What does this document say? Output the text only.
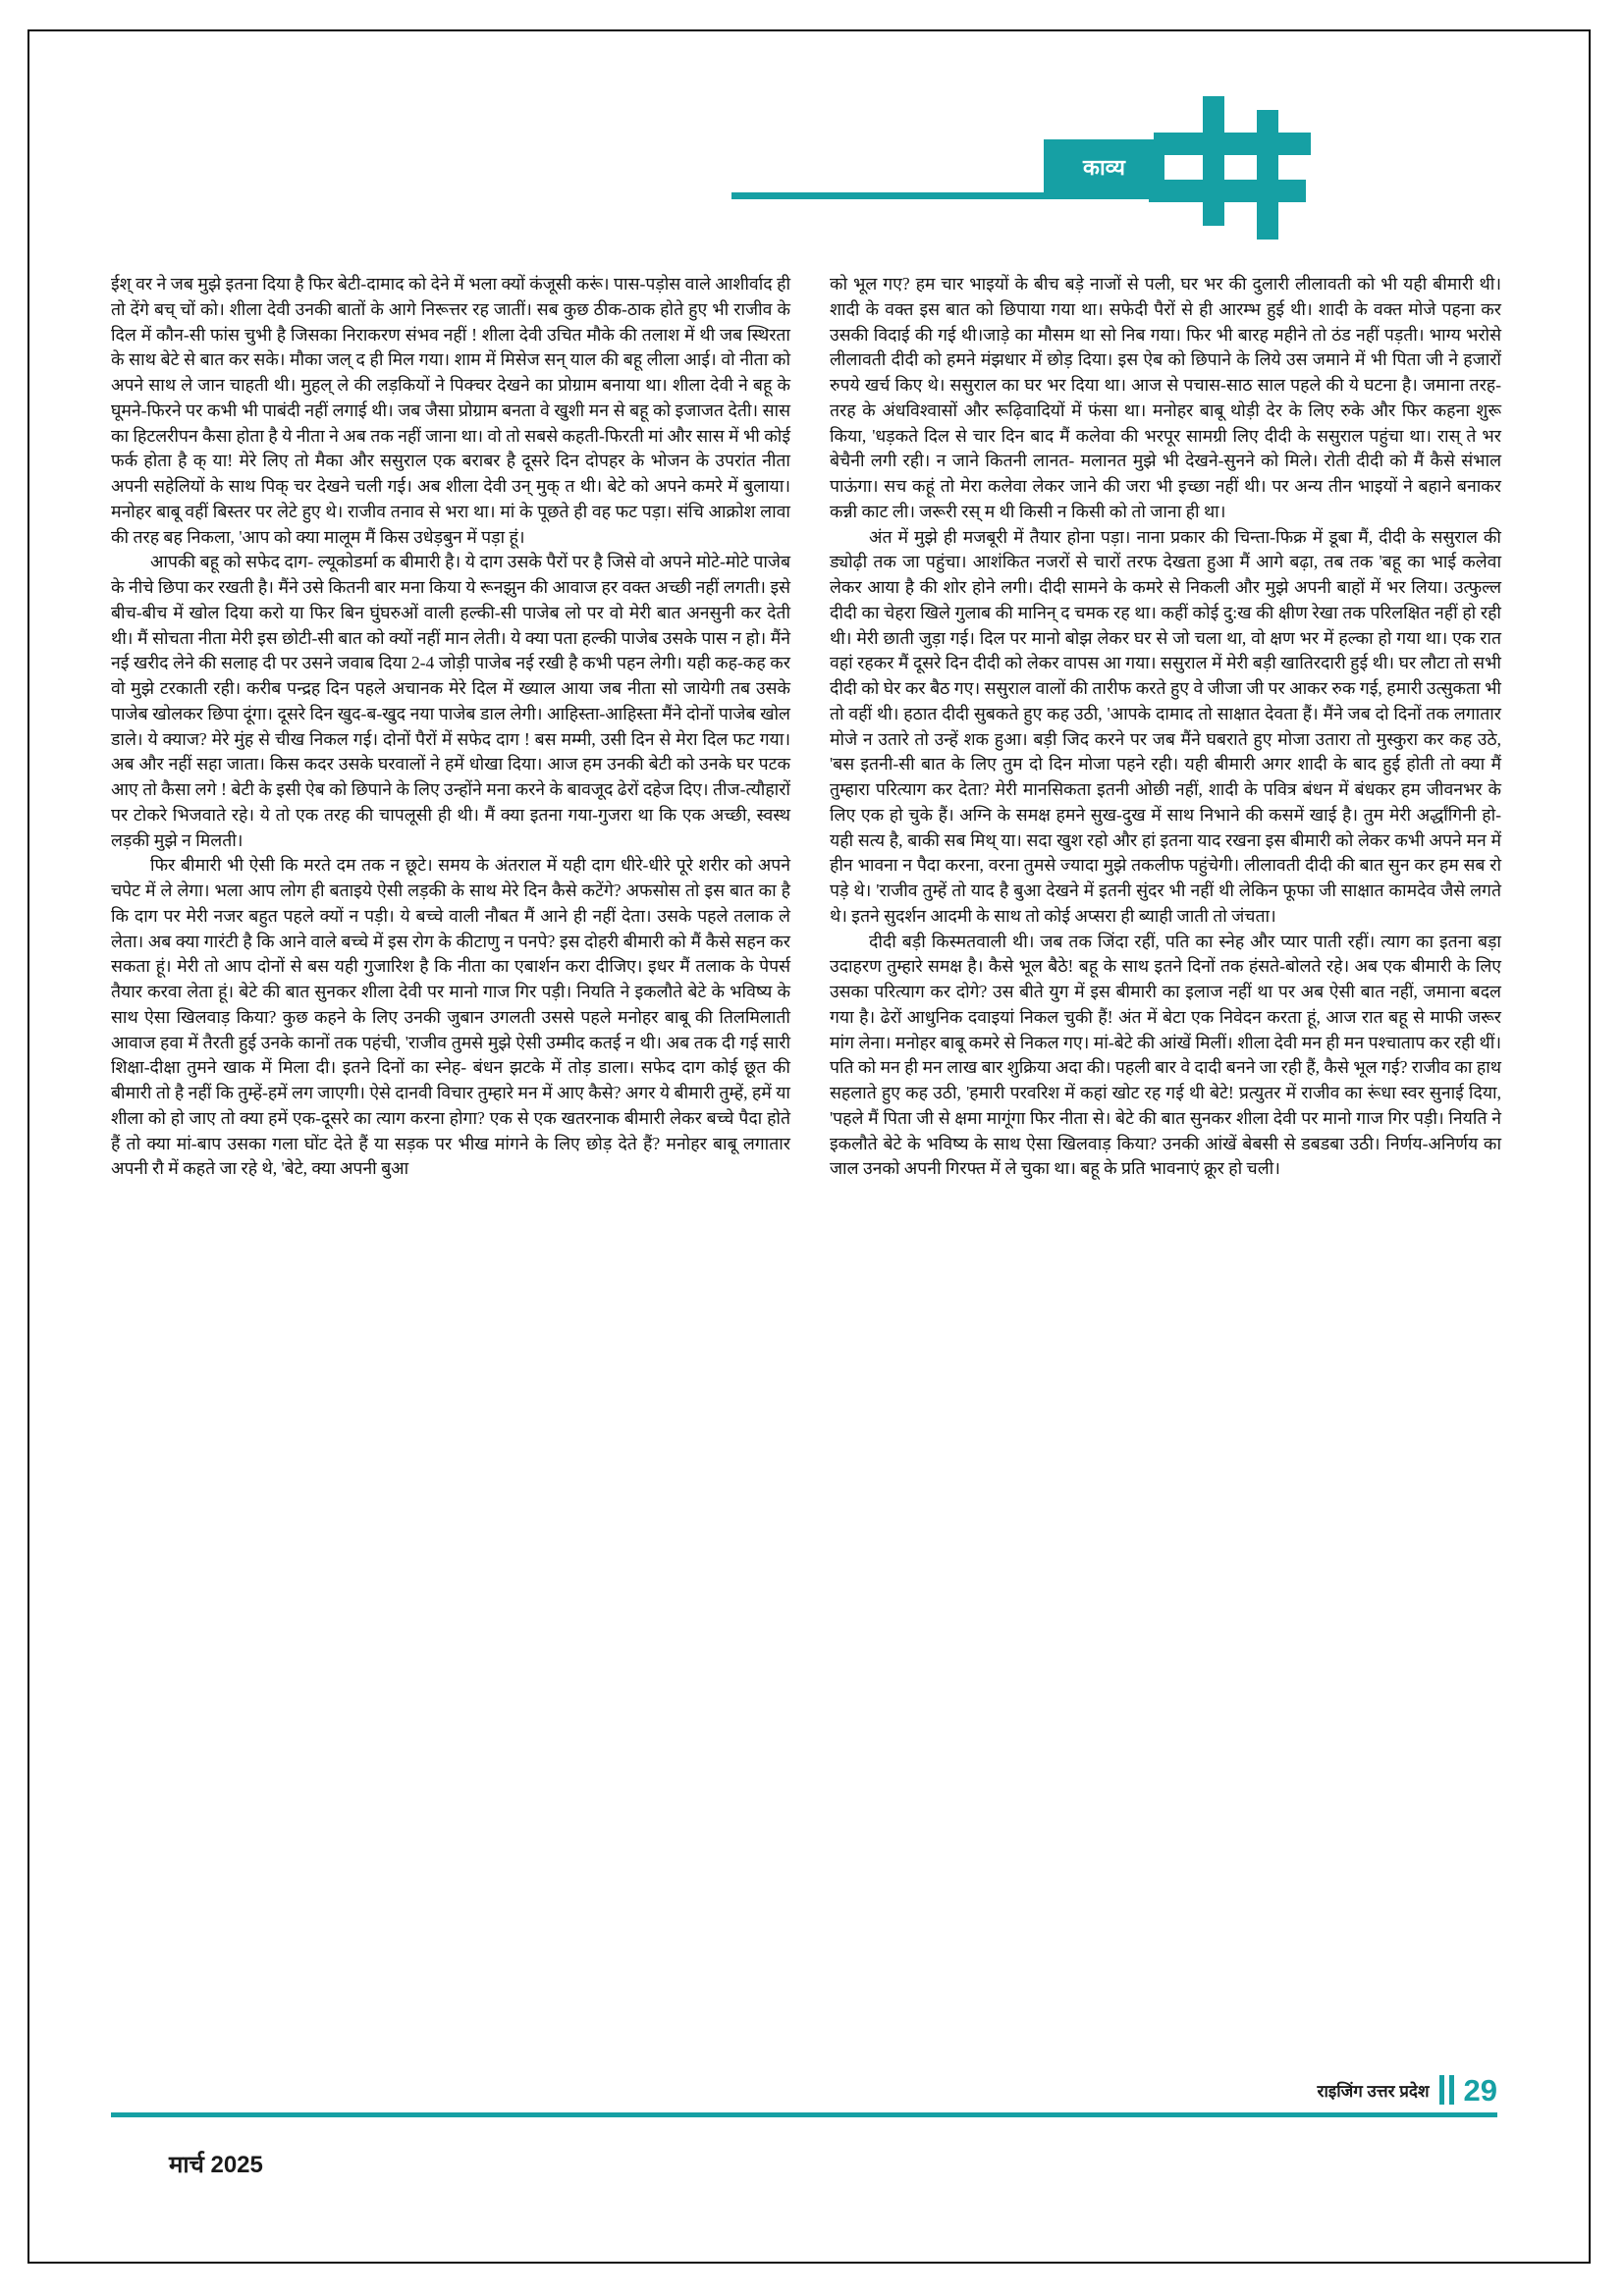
काव्य

ईश् वर ने जब मुझे इतना दिया है फिर बेटी-दामाद को देने में भला क्यों कंजूसी करूं। पास-पड़ोस वाले आशीर्वाद ही तो देंगे बच् चों को। शीला देवी उनकी बातों के आगे निरूत्तर रह जातीं। सब कुछ ठीक-ठाक होते हुए भी राजीव के दिल में कौन-सी फांस चुभी है जिसका निराकरण संभव नहीं ! शीला देवी उचित मौके की तलाश में थी जब स्थिरता के साथ बेटे से बात कर सके। मौका जल् द ही मिल गया। शाम में मिसेज सन् याल की बहू लीला आई। वो नीता को अपने साथ ले जान चाहती थी। मुहल् ले की लड़कियों ने पिक्चर देखने का प्रोग्राम बनाया था। शीला देवी ने बहू के घूमने-फिरने पर कभी भी पाबंदी नहीं लगाई थी। जब जैसा प्रोग्राम बनता वे खुशी मन से बहू को इजाजत देती। सास का हिटलरीपन कैसा होता है ये नीता ने अब तक नहीं जाना था। वो तो सबसे कहती-फिरती मां और सास में भी कोई फर्क होता है क् या! मेरे लिए तो मैका और ससुराल एक बराबर है दूसरे दिन दोपहर के भोजन के उपरांत नीता अपनी सहेलियों के साथ पिक् चर देखने चली गई। अब शीला देवी उन् मुक् त थी। बेटे को अपने कमरे में बुलाया। मनोहर बाबू वहीं बिस्तर पर लेटे हुए थे। राजीव तनाव से भरा था। मां के पूछते ही वह फट पड़ा। संचि आक्रोश लावा की तरह बह निकला, 'आप को क्या मालूम मैं किस उधेड़बुन में पड़ा हूं।

आपकी बहू को सफेद दाग- ल्यूकोडर्मा क बीमारी है। ये दाग उसके पैरों पर है जिसे वो अपने मोटे-मोटे पाजेब के नीचे छिपा कर रखती है। मैंने उसे कितनी बार मना किया ये रूनझुन की आवाज हर वक्त अच्छी नहीं लगती। इसे बीच-बीच में खोल दिया करो या फिर बिन घुंघरुओं वाली हल्की-सी पाजेब लो पर वो मेरी बात अनसुनी कर देती थी। मैं सोचता नीता मेरी इस छोटी-सी बात को क्यों नहीं मान लेती। ये क्या पता हल्की पाजेब उसके पास न हो। मैंने नई खरीद लेने की सलाह दी पर उसने जवाब दिया 2-4 जोड़ी पाजेब नई रखी है कभी पहन लेगी। यही कह-कह कर वो मुझे टरकाती रही। करीब पन्द्रह दिन पहले अचानक मेरे दिल में ख्याल आया जब नीता सो जायेगी तब उसके पाजेब खोलकर छिपा दूंगा। दूसरे दिन खुद-ब-खुद नया पाजेब डाल लेगी। आहिस्ता-आहिस्ता मैंने दोनों पाजेब खोल डाले। ये क्याज? मेरे मुंह से चीख निकल गई। दोनों पैरों में सफेद दाग ! बस मम्मी, उसी दिन से मेरा दिल फट गया। अब और नहीं सहा जाता। किस कदर उसके घरवालों ने हमें धोखा दिया। आज हम उनकी बेटी को उनके घर पटक आए तो कैसा लगे ! बेटी के इसी ऐब को छिपाने के लिए उन्होंने मना करने के बावजूद ढेरों दहेज दिए। तीज-त्यौहारों पर टोकरे भिजवाते रहे। ये तो एक तरह की चापलूसी ही थी। मैं क्या इतना गया-गुजरा था कि एक अच्छी, स्वस्थ लड़की मुझे न मिलती।

फिर बीमारी भी ऐसी कि मरते दम तक न छूटे। समय के अंतराल में यही दाग धीरे-धीरे पूरे शरीर को अपने चपेट में ले लेगा। भला आप लोग ही बताइये ऐसी लड़की के साथ मेरे दिन कैसे कटेंगे? अफसोस तो इस बात का है कि दाग पर मेरी नजर बहुत पहले क्यों न पड़ी। ये बच्चे वाली नौबत मैं आने ही नहीं देता। उसके पहले तलाक ले लेता। अब क्या गारंटी है कि आने वाले बच्चे में इस रोग के कीटाणु न पनपे? इस दोहरी बीमारी को मैं कैसे सहन कर सकता हूं। मेरी तो आप दोनों से बस यही गुजारिश है कि नीता का एबार्शन करा दीजिए। इधर मैं तलाक के पेपर्स तैयार करवा लेता हूं। बेटे की बात सुनकर शीला देवी पर मानो गाज गिर पड़ी। नियति ने इकलौते बेटे के भविष्य के साथ ऐसा खिलवाड़ किया? कुछ कहने के लिए उनकी जुबान उगलती उससे पहले मनोहर बाबू की तिलमिलाती आवाज हवा में तैरती हुई उनके कानों तक पहंची, 'राजीव तुमसे मुझे ऐसी उम्मीद कतई न थी। अब तक दी गई सारी शिक्षा-दीक्षा तुमने खाक में मिला दी। इतने दिनों का स्नेह- बंधन झटके में तोड़ डाला। सफेद दाग कोई छूत की बीमारी तो है नहीं कि तुम्हें-हमें लग जाएगी। ऐसे दानवी विचार तुम्हारे मन में आए कैसे? अगर ये बीमारी तुम्हें, हमें या शीला को हो जाए तो क्या हमें एक-दूसरे का त्याग करना होगा? एक से एक खतरनाक बीमारी लेकर बच्चे पैदा होते हैं तो क्या मां-बाप उसका गला घोंट देते हैं या सड़क पर भीख मांगने के लिए छोड़ देते हैं? मनोहर बाबू लगातार अपनी रौ में कहते जा रहे थे, 'बेटे, क्या अपनी बुआ

को भूल गए? हम चार भाइयों के बीच बड़े नाजों से पली, घर भर की दुलारी लीलावती को भी यही बीमारी थी। शादी के वक्त इस बात को छिपाया गया था। सफेदी पैरों से ही आरम्भ हुई थी। शादी के वक्त मोजे पहना कर उसकी विदाई की गई थी।जाड़े का मौसम था सो निब गया। फिर भी बारह महीने तो ठंड नहीं पड़ती। भाग्य भरोसे लीलावती दीदी को हमने मंझधार में छोड़ दिया। इस ऐब को छिपाने के लिये उस जमाने में भी पिता जी ने हजारों रुपये खर्च किए थे। ससुराल का घर भर दिया था। आज से पचास-साठ साल पहले की ये घटना है। जमाना तरह-तरह के अंधविश्वासों और रूढ़िवादियों में फंसा था। मनोहर बाबू थोड़ी देर के लिए रुके और फिर कहना शुरू किया, 'धड़कते दिल से चार दिन बाद मैं कलेवा की भरपूर सामग्री लिए दीदी के ससुराल पहुंचा था। रास् ते भर बेचैनी लगी रही। न जाने कितनी लानत- मलानत मुझे भी देखने-सुनने को मिले। रोती दीदी को मैं कैसे संभाल पाऊंगा। सच कहूं तो मेरा कलेवा लेकर जाने की जरा भी इच्छा नहीं थी। पर अन्य तीन भाइयों ने बहाने बनाकर कन्नी काट ली। जरूरी रस् म थी किसी न किसी को तो जाना ही था।

अंत में मुझे ही मजबूरी में तैयार होना पड़ा। नाना प्रकार की चिन्ता-फिक्र में डूबा मैं, दीदी के ससुराल की ड्योढ़ी तक जा पहुंचा। आशंकित नजरों से चारों तरफ देखता हुआ मैं आगे बढ़ा, तब तक 'बहू का भाई कलेवा लेकर आया है की शोर होने लगी। दीदी सामने के कमरे से निकली और मुझे अपनी बाहों में भर लिया। उत्फुल्ल दीदी का चेहरा खिले गुलाब की मानिन् द चमक रह था। कहीं कोई दु:ख की क्षीण रेखा तक परिलक्षित नहीं हो रही थी। मेरी छाती जुड़ा गई। दिल पर मानो बोझ लेकर घर से जो चला था, वो क्षण भर में हल्का हो गया था। एक रात वहां रहकर मैं दूसरे दिन दीदी को लेकर वापस आ गया। ससुराल में मेरी बड़ी खातिरदारी हुई थी। घर लौटा तो सभी दीदी को घेर कर बैठ गए। ससुराल वालों की तारीफ करते हुए वे जीजा जी पर आकर रुक गई, हमारी उत्सुकता भी तो वहीं थी। हठात दीदी सुबकते हुए कह उठी, 'आपके दामाद तो साक्षात देवता हैं। मैंने जब दो दिनों तक लगातार मोजे न उतारे तो उन्हें शक हुआ। बड़ी जिद करने पर जब मैंने घबराते हुए मोजा उतारा तो मुस्कुरा कर कह उठे, 'बस इतनी-सी बात के लिए तुम दो दिन मोजा पहने रही। यही बीमारी अगर शादी के बाद हुई होती तो क्या मैं तुम्हारा परित्याग कर देता? मेरी मानसिकता इतनी ओछी नहीं, शादी के पवित्र बंधन में बंधकर हम जीवनभर के लिए एक हो चुके हैं। अग्नि के समक्ष हमने सुख-दुख में साथ निभाने की कसमें खाई है। तुम मेरी अर्द्धांगिनी हो- यही सत्य है, बाकी सब मिथ् या। सदा खुश रहो और हां इतना याद रखना इस बीमारी को लेकर कभी अपने मन में हीन भावना न पैदा करना, वरना तुमसे ज्यादा मुझे तकलीफ पहुंचेगी। लीलावती दीदी की बात सुन कर हम सब रो पड़े थे। 'राजीव तुम्हें तो याद है बुआ देखने में इतनी सुंदर भी नहीं थी लेकिन फूफा जी साक्षात कामदेव जैसे लगते थे। इतने सुदर्शन आदमी के साथ तो कोई अप्सरा ही ब्याही जाती तो जंचता।

दीदी बड़ी किस्मतवाली थी। जब तक जिंदा रहीं, पति का स्नेह और प्यार पाती रहीं। त्याग का इतना बड़ा उदाहरण तुम्हारे समक्ष है। कैसे भूल बैठे! बहू के साथ इतने दिनों तक हंसते-बोलते रहे। अब एक बीमारी के लिए उसका परित्याग कर दोगे? उस बीते युग में इस बीमारी का इलाज नहीं था पर अब ऐसी बात नहीं, जमाना बदल गया है। ढेरों आधुनिक दवाइयां निकल चुकी हैं! अंत में बेटा एक निवेदन करता हूं, आज रात बहू से माफी जरूर मांग लेना। मनोहर बाबू कमरे से निकल गए। मां-बेटे की आंखें मिलीं। शीला देवी मन ही मन पश्चाताप कर रही थीं। पति को मन ही मन लाख बार शुक्रिया अदा की। पहली बार वे दादी बनने जा रही हैं, कैसे भूल गई? राजीव का हाथ सहलाते हुए कह उठी, 'हमारी परवरिश में कहां खोट रह गई थी बेटे! प्रत्युतर में राजीव का रूंधा स्वर सुनाई दिया, 'पहले मैं पिता जी से क्षमा मागूंगा फिर नीता से। बेटे की बात सुनकर शीला देवी पर मानो गाज गिर पड़ी। नियति ने इकलौते बेटे के भविष्य के साथ ऐसा खिलवाड़ किया? उनकी आंखें बेबसी से डबडबा उठी। निर्णय-अनिर्णय का जाल उनको अपनी गिरफ्त में ले चुका था। बहू के प्रति भावनाएं क्रूर हो चली।

राइजिंग उत्तर प्रदेश 29
मार्च 2025
